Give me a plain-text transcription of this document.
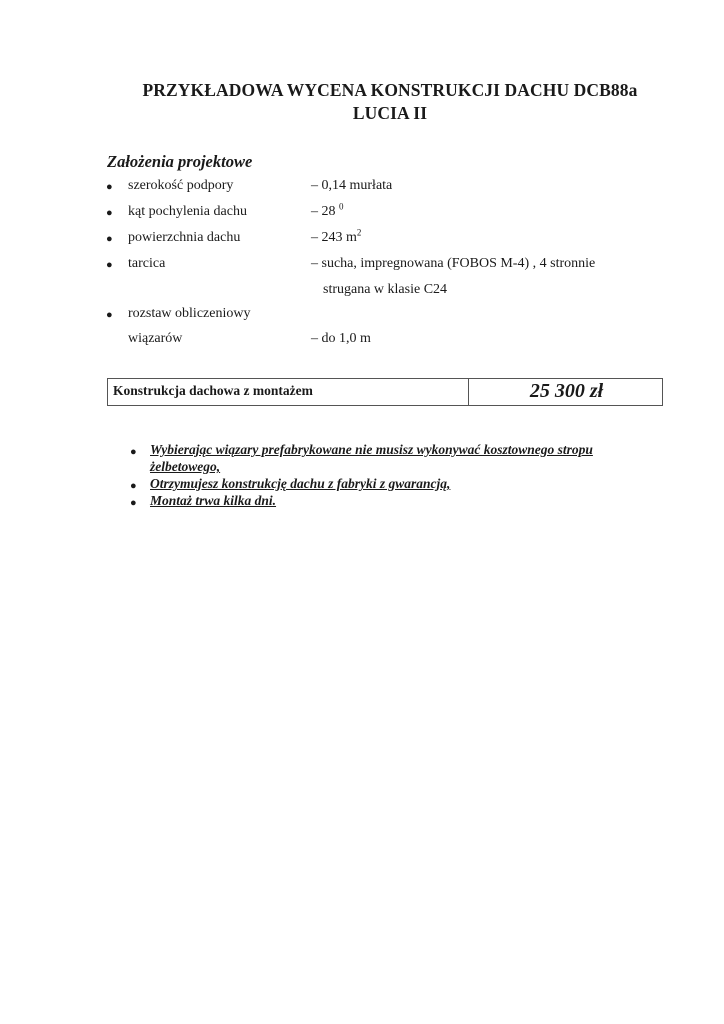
PRZYKŁADOWA WYCENA KONSTRUKCJI DACHU DCB88a
LUCIA II
Założenia projektowe
● szerokość podpory	– 0,14 murłata
● kąt pochylenia dachu	– 28 $^0$
● powierzchnia dachu	– 243 $m^2$
● tarcica	– sucha, impregnowana (FOBOS M-4) , 4 stronnie
strugana w klasie C24
● rozstaw obliczeniowy
wiązarów	– do 1,0 m
Konstrukcja dachowa z montażem	25 300 zł
● Wybierając wiązary prefabrykowane nie musisz wykonywać kosztownego stropu
żelbetowego,
● Otrzymujesz konstrukcję dachu z fabryki z gwarancją,
● Montaż trwa kilka dni.
